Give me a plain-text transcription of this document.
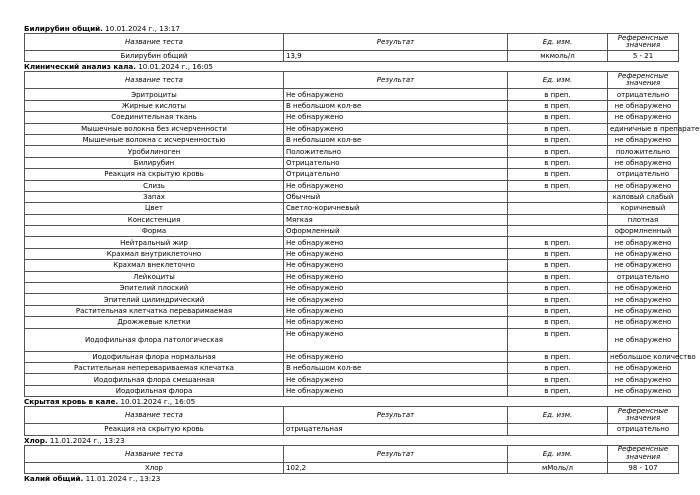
Билирубин общий. 10.01.2024 г., 13:17
Название теста	Результат	Ед. изм.	Референсные значения
Билирубин общий	13,9	мкмоль/л	5 - 21
Клинический анализ кала. 10.01.2024 г., 16:05
Название теста	Результат	Ед. изм.	Референсные значения
Эритроциты	Не обнаружено	в преп.	отрицательно
Жирные кислоты	В небольшом кол-ве	в преп.	не обнаружено
Соединительная ткань	Не обнаружено	в преп.	не обнаружено
Мышечные волокна без исчерченности	Не обнаружено	в преп.	единичные в препарате
Мышечные волокна с исчерченностью	В небольшом кол-ве	в преп.	не обнаружено
Уробилиноген	Положительно	в преп.	положительно
Билирубин	Отрицательно	в преп.	не обнаружено
Реакция на скрытую кровь	Отрицательно	в преп.	отрицательно
Слизь	Не обнаружено	в преп.	не обнаружено
Запах	Обычный		каловый слабый
Цвет	Светло-коричневый		коричневый
Консистенция	Мягкая		плотная
Форма	Оформленный		оформлненный
Нейтральный жир	Не обнаружено	в преп.	не обнаружено
Крахмал внутриклеточно	Не обнаружено	в преп.	не обнаружено
Крахмал внеклеточно	Не обнаружено	в преп.	не обнаружено
Лейкоциты	Не обнаружено	в преп.	отрицательно
Эпителий плоский	Не обнаружено	в преп.	не обнаружено
Эпителий цилиндрический	Не обнаружено	в преп.	не обнаружено
Растительная клетчатка переваримаемая	Не обнаружено	в преп.	не обнаружено
Дрожжевые клетки	Не обнаружено	в преп.	не обнаружено
Иодофильная флора патологическая	Не обнаружено	в преп.	не обнаружено
Иодофильная флора нормальная	Не обнаружено	в преп.	небольшое количество
Растительная неперевариваемая клечатка	В небольшом кол-ве	в преп.	не обнаружено
Иодофильная флора смешанная	Не обнаружено	в преп.	не обнаружено
Иодофильная флора	Не обнаружено	в преп.	не обнаружено
Скрытая кровь в кале. 10.01.2024 г., 16:05
Название теста	Результат	Ед. изм.	Референсные значения
Реакция на скрытую кровь	отрицательная		отрицательно
Хлор. 11.01.2024 г., 13:23
Название теста	Результат	Ед. изм.	Референсные значения
Хлор	102,2	мМоль/л	98 - 107
Калий общий. 11.01.2024 г., 13:23
